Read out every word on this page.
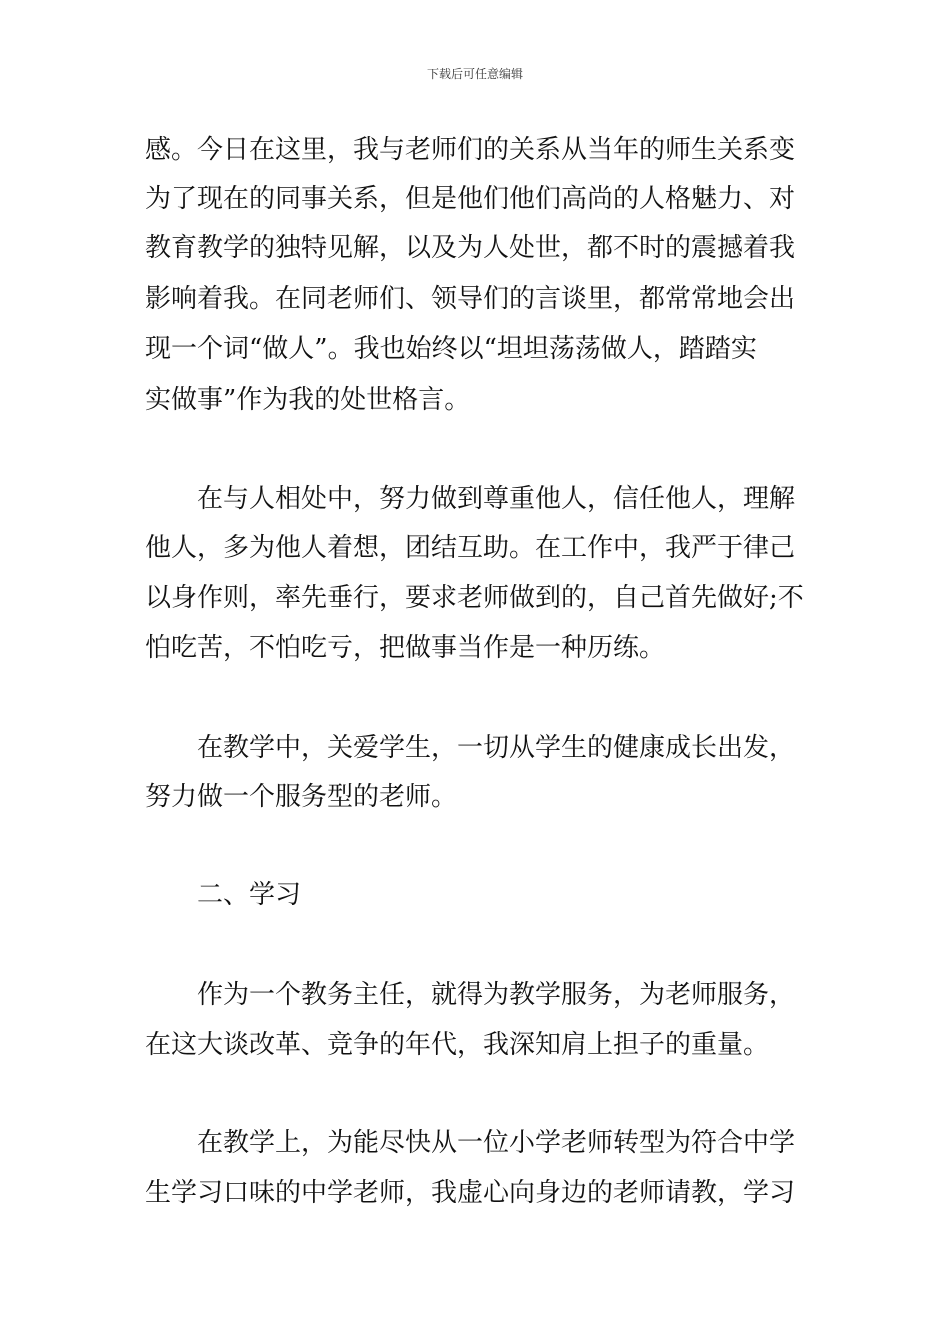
下载后可任意编辑
感。今日在这里，我与老师们的关系从当年的师生关系变
为了现在的同事关系，但是他们他们高尚的人格魅力、对
教育教学的独特见解，以及为人处世，都不时的震撼着我
影响着我。在同老师们、领导们的言谈里，都常常地会出
现一个词“做人”。我也始终以“坦坦荡荡做人，踏踏实
实做事”作为我的处世格言。
　　在与人相处中，努力做到尊重他人，信任他人，理解
他人，多为他人着想，团结互助。在工作中，我严于律己
以身作则，率先垂行，要求老师做到的，自己首先做好;不
怕吃苦，不怕吃亏，把做事当作是一种历练。
　　在教学中，关爱学生，一切从学生的健康成长出发，
努力做一个服务型的老师。
　　二、学习
　　作为一个教务主任，就得为教学服务，为老师服务，
在这大谈改革、竞争的年代，我深知肩上担子的重量。
　　在教学上，为能尽快从一位小学老师转型为符合中学
生学习口味的中学老师，我虚心向身边的老师请教，学习
